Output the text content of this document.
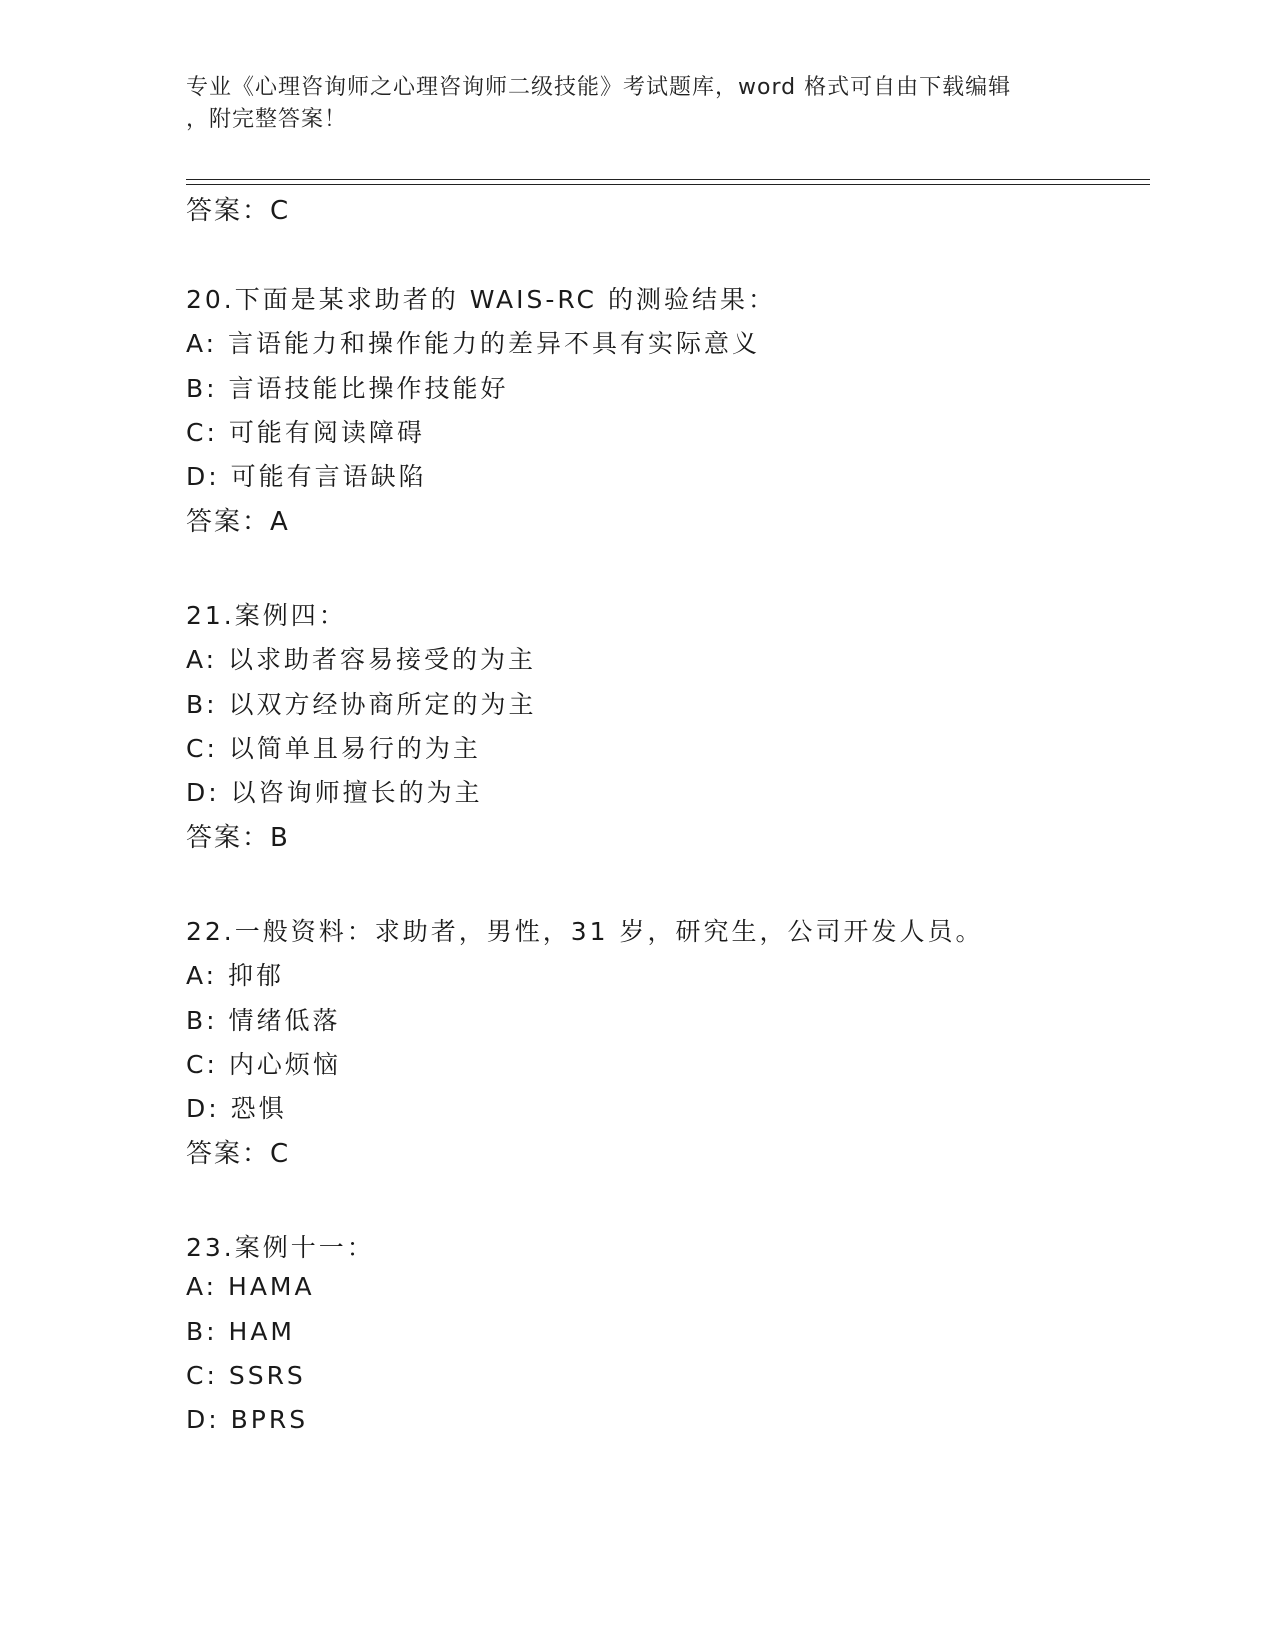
专业《心理咨询师之心理咨询师二级技能》考试题库，word 格式可自由下载编辑
，附完整答案！
答案：C
20.下面是某求助者的 WAIS-RC 的测验结果：
A: 言语能力和操作能力的差异不具有实际意义
B: 言语技能比操作技能好
C: 可能有阅读障碍
D: 可能有言语缺陷
答案：A
21.案例四：
A: 以求助者容易接受的为主
B: 以双方经协商所定的为主
C: 以简单且易行的为主
D: 以咨询师擅长的为主
答案：B
22.一般资料：求助者，男性，31 岁，研究生，公司开发人员。
A: 抑郁
B: 情绪低落
C: 内心烦恼
D: 恐惧
答案：C
23.案例十一：
A: HAMA
B: HAM
C: SSRS
D: BPRS
